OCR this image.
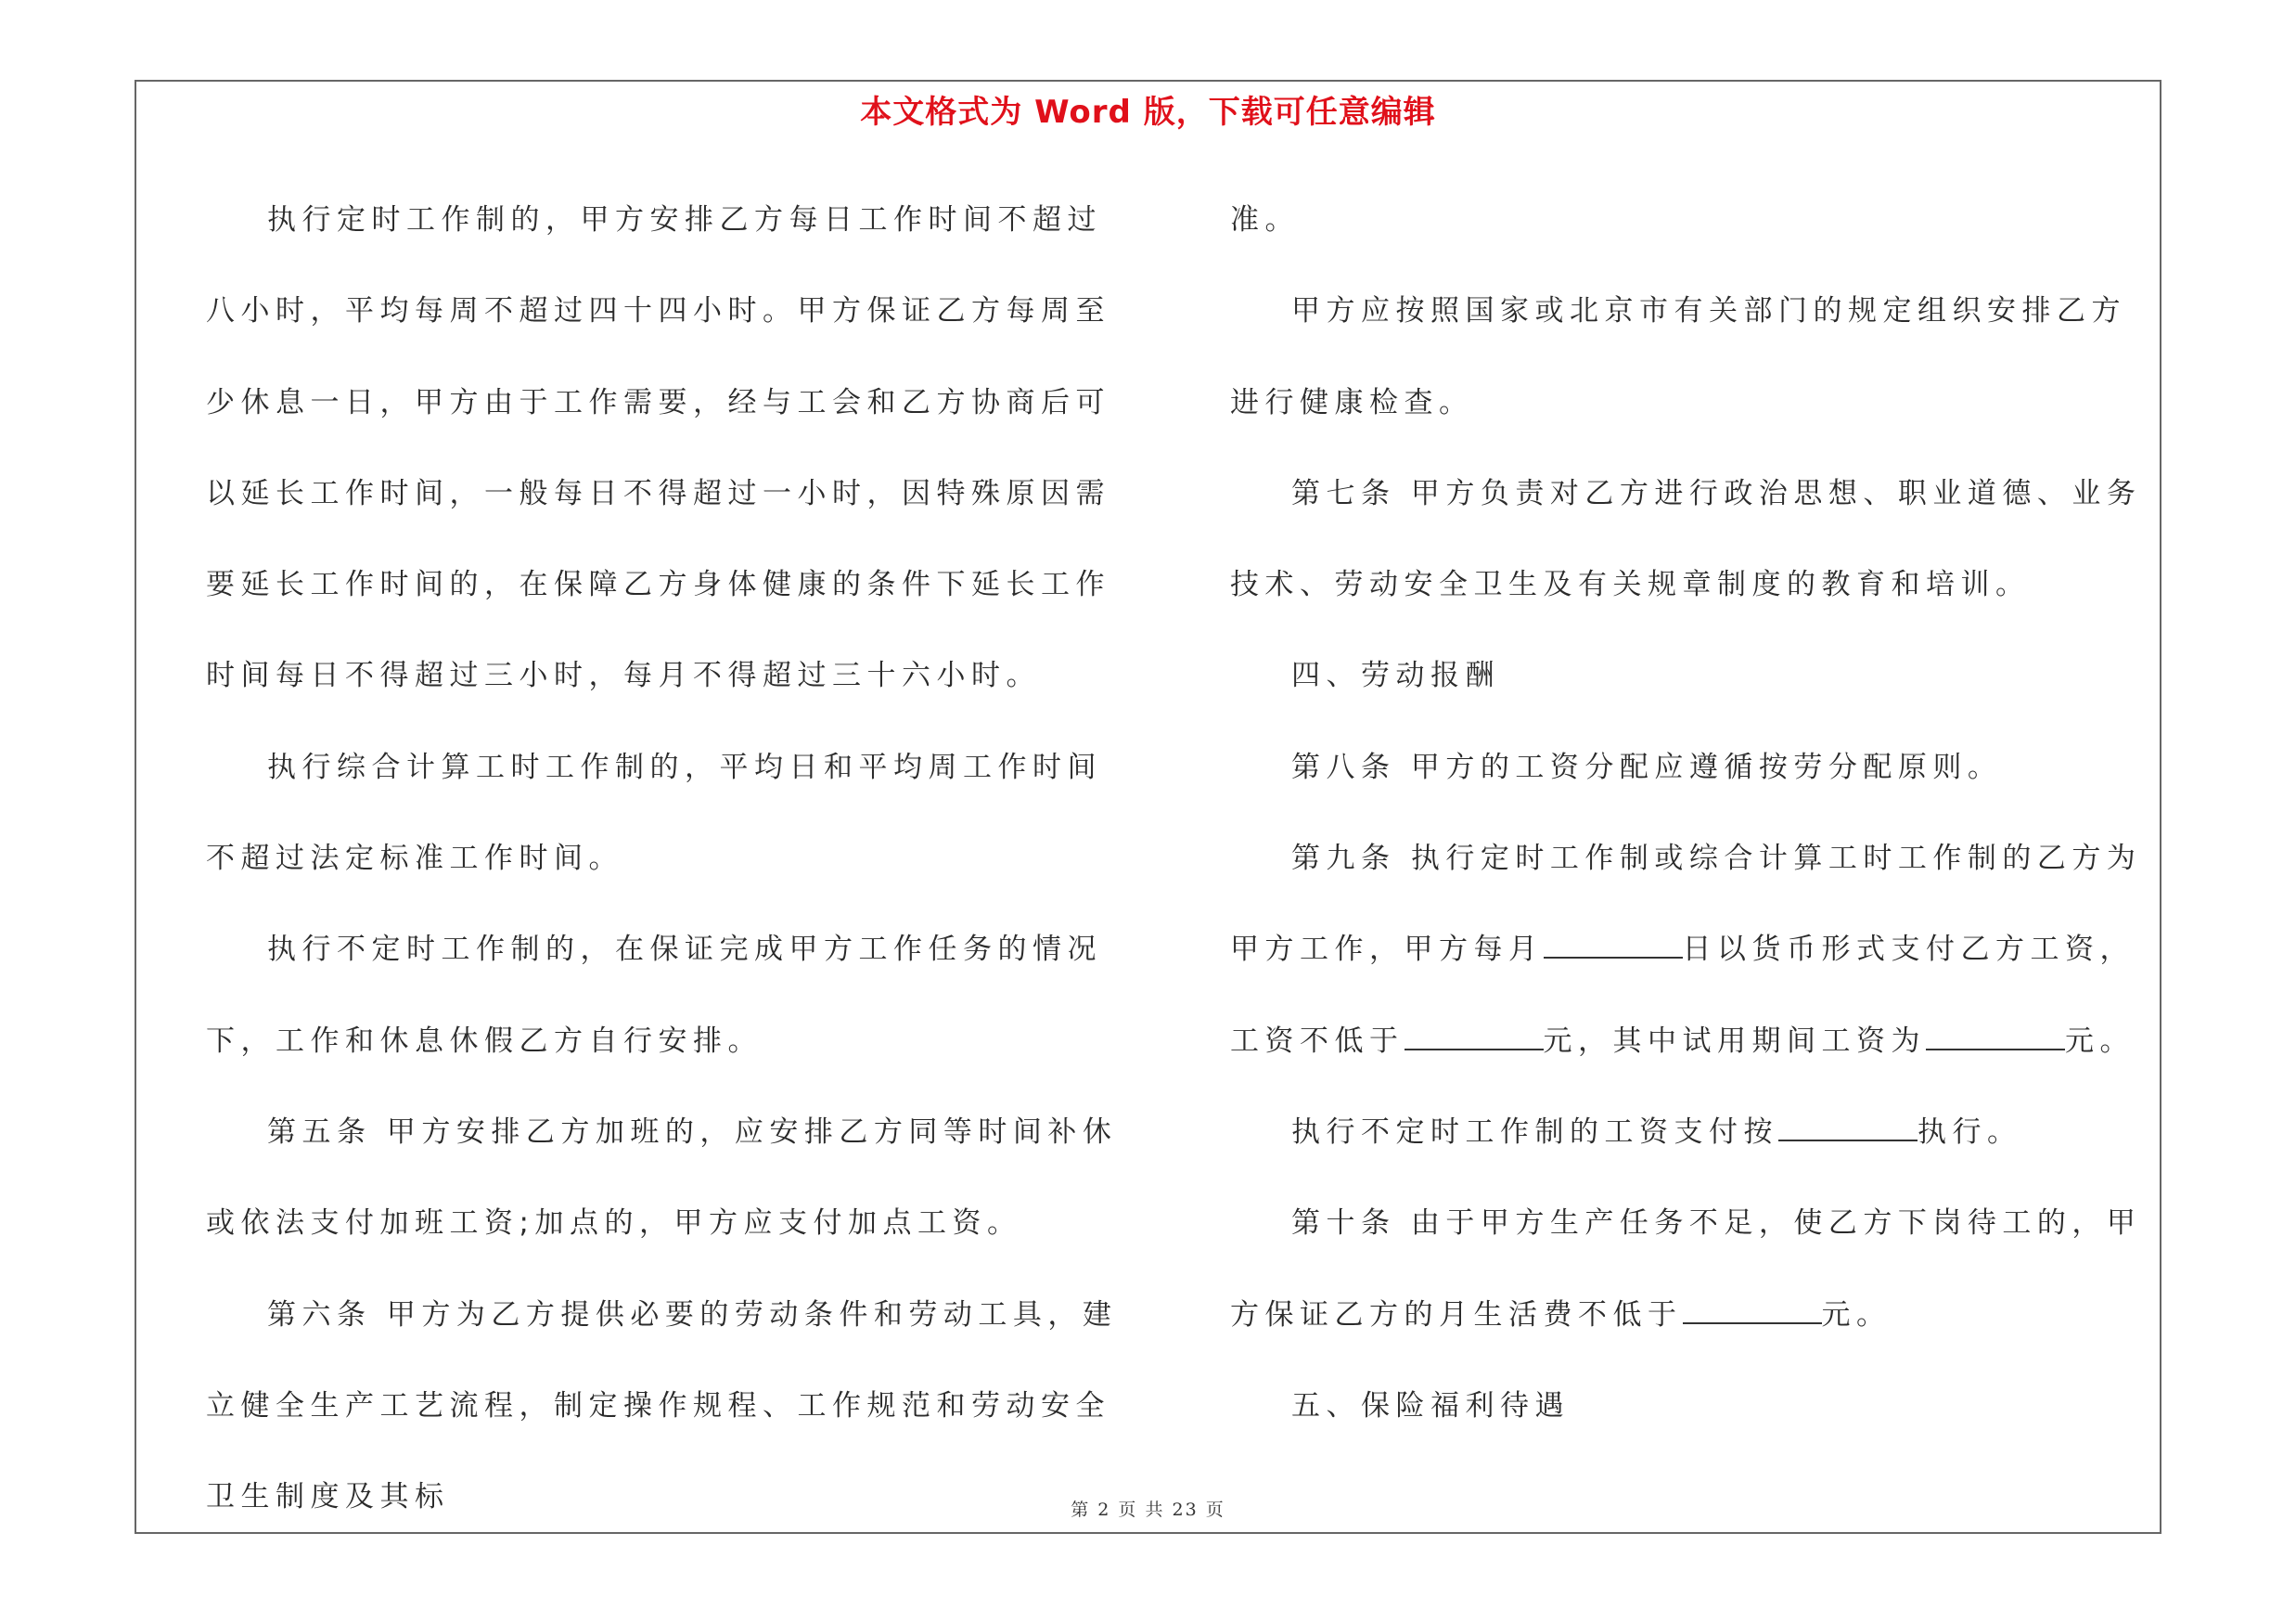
本文格式为 Word 版，下载可任意编辑

执行定时工作制的，甲方安排乙方每日工作时间不超过八小时，平均每周不超过四十四小时。甲方保证乙方每周至少休息一日，甲方由于工作需要，经与工会和乙方协商后可以延长工作时间，一般每日不得超过一小时，因特殊原因需要延长工作时间的，在保障乙方身体健康的条件下延长工作时间每日不得超过三小时，每月不得超过三十六小时。

执行综合计算工时工作制的，平均日和平均周工作时间不超过法定标准工作时间。

执行不定时工作制的，在保证完成甲方工作任务的情况下，工作和休息休假乙方自行安排。

第五条 甲方安排乙方加班的，应安排乙方同等时间补休或依法支付加班工资;加点的，甲方应支付加点工资。

第六条 甲方为乙方提供必要的劳动条件和劳动工具，建立健全生产工艺流程，制定操作规程、工作规范和劳动安全卫生制度及其标

准。

甲方应按照国家或北京市有关部门的规定组织安排乙方进行健康检查。

第七条 甲方负责对乙方进行政治思想、职业道德、业务技术、劳动安全卫生及有关规章制度的教育和培训。

四、劳动报酬

第八条 甲方的工资分配应遵循按劳分配原则。

第九条 执行定时工作制或综合计算工时工作制的乙方为甲方工作，甲方每月	日以货币形式支付乙方工资，工资不低于	元，其中试用期间工资为	元。

执行不定时工作制的工资支付按	执行。

第十条 由于甲方生产任务不足，使乙方下岗待工的，甲方保证乙方的月生活费不低于	元。

五、保险福利待遇

第 2 页 共 23 页
